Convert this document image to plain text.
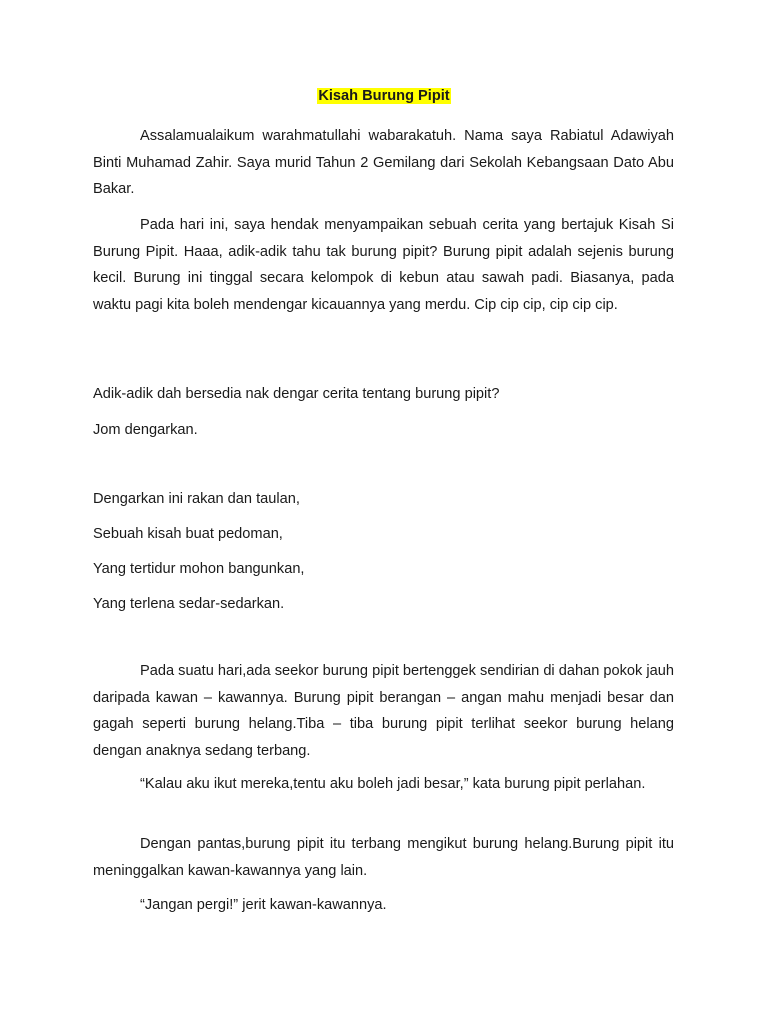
Kisah Burung Pipit

Assalamualaikum warahmatullahi wabarakatuh. Nama saya Rabiatul Adawiyah Binti Muhamad Zahir. Saya murid Tahun 2 Gemilang dari Sekolah Kebangsaan Dato Abu Bakar.

Pada hari ini, saya hendak menyampaikan sebuah cerita yang bertajuk Kisah Si Burung Pipit. Haaa, adik-adik tahu tak burung pipit? Burung pipit adalah sejenis burung kecil. Burung ini tinggal secara kelompok di kebun atau sawah padi. Biasanya, pada waktu pagi kita boleh mendengar kicauannya yang merdu. Cip cip cip, cip cip cip.

Adik-adik dah bersedia nak dengar cerita tentang burung pipit?

Jom dengarkan.

Dengarkan ini rakan dan taulan,

Sebuah kisah buat pedoman,

Yang tertidur mohon bangunkan,

Yang terlena sedar-sedarkan.

Pada suatu hari,ada seekor burung pipit bertenggek sendirian di dahan pokok jauh daripada kawan – kawannya. Burung pipit berangan – angan mahu menjadi besar dan gagah seperti burung helang.Tiba – tiba burung pipit terlihat seekor burung helang dengan anaknya sedang terbang.

“Kalau aku ikut mereka,tentu aku boleh jadi besar,” kata burung pipit perlahan.

Dengan pantas,burung pipit itu terbang mengikut burung helang.Burung pipit itu meninggalkan kawan-kawannya yang lain.

“Jangan pergi!” jerit kawan-kawannya.
